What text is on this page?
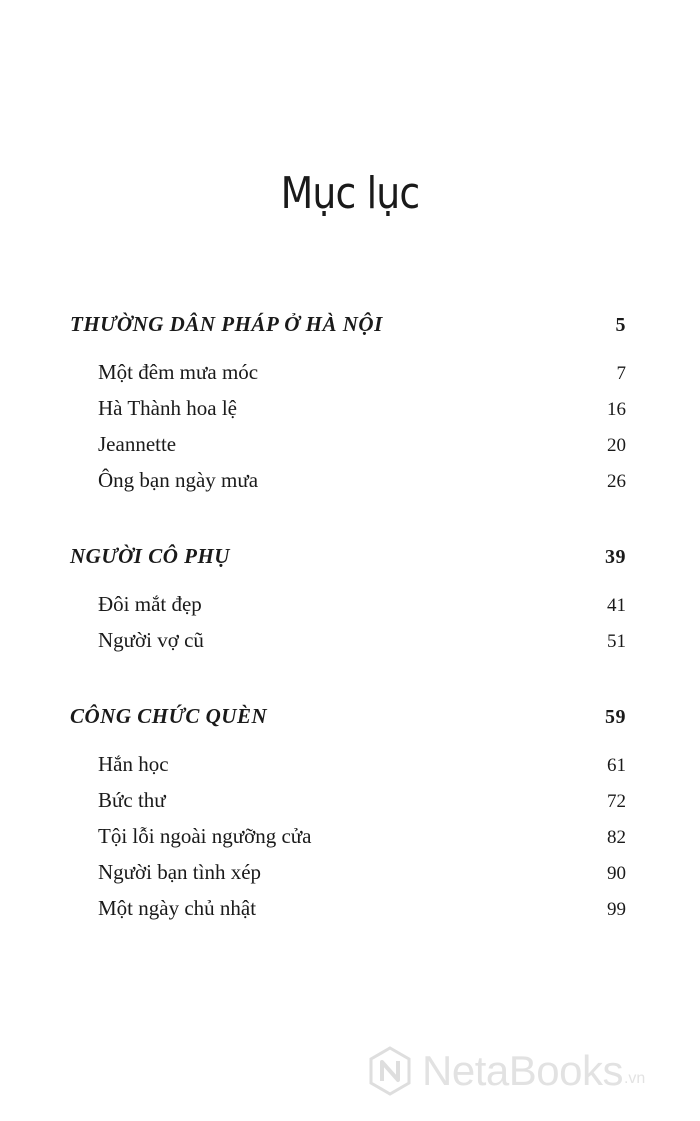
Mục lục
THƯỜNG DÂN PHÁP Ở HÀ NỘI	5
Một đêm mưa móc	7
Hà Thành hoa lệ	16
Jeannette	20
Ông bạn ngày mưa	26
NGƯỜI CÔ PHỤ	39
Đôi mắt đẹp	41
Người vợ cũ	51
CÔNG CHỨC QUÈN	59
Hắn học	61
Bức thư	72
Tội lỗi ngoài ngưỡng cửa	82
Người bạn tình xép	90
Một ngày chủ nhật	99
NetaBooks .vn
